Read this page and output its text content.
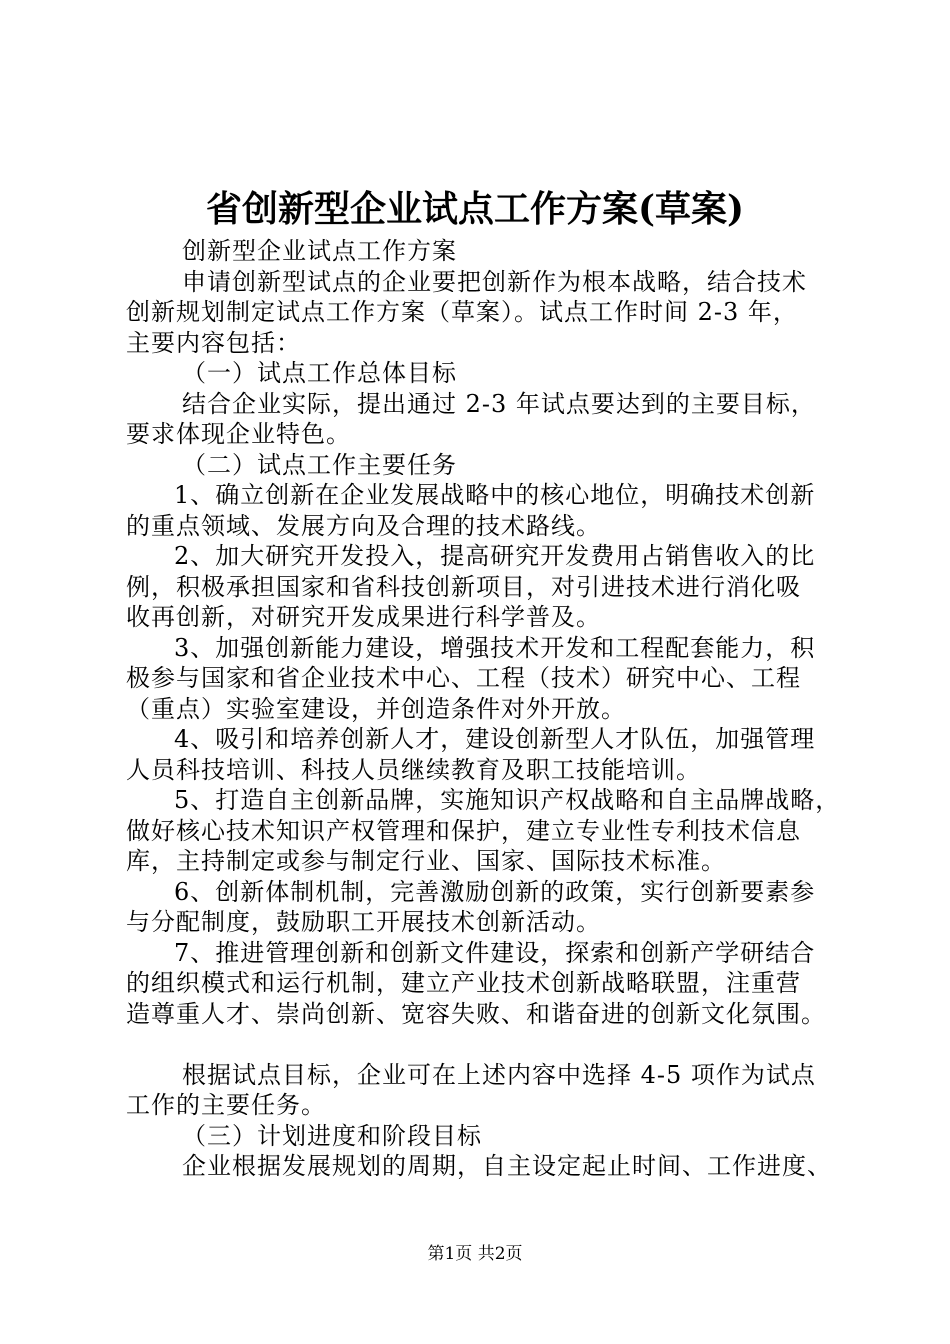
省创新型企业试点工作方案(草案)
创新型企业试点工作方案
申请创新型试点的企业要把创新作为根本战略，结合技术
创新规划制定试点工作方案（草案）。试点工作时间 2-3 年，
主要内容包括：
（一）试点工作总体目标
结合企业实际，提出通过 2-3 年试点要达到的主要目标，
要求体现企业特色。
（二）试点工作主要任务
1、确立创新在企业发展战略中的核心地位，明确技术创新
的重点领域、发展方向及合理的技术路线。
2、加大研究开发投入，提高研究开发费用占销售收入的比
例，积极承担国家和省科技创新项目，对引进技术进行消化吸
收再创新，对研究开发成果进行科学普及。
3、加强创新能力建设，增强技术开发和工程配套能力，积
极参与国家和省企业技术中心、工程（技术）研究中心、工程
（重点）实验室建设，并创造条件对外开放。
4、吸引和培养创新人才，建设创新型人才队伍，加强管理
人员科技培训、科技人员继续教育及职工技能培训。
5、打造自主创新品牌，实施知识产权战略和自主品牌战略，
做好核心技术知识产权管理和保护，建立专业性专利技术信息
库，主持制定或参与制定行业、国家、国际技术标准。
6、创新体制机制，完善激励创新的政策，实行创新要素参
与分配制度，鼓励职工开展技术创新活动。
7、推进管理创新和创新文件建设，探索和创新产学研结合
的组织模式和运行机制，建立产业技术创新战略联盟，注重营
造尊重人才、崇尚创新、宽容失败、和谐奋进的创新文化氛围。
根据试点目标，企业可在上述内容中选择 4-5 项作为试点
工作的主要任务。
（三）计划进度和阶段目标
企业根据发展规划的周期，自主设定起止时间、工作进度、
第1页 共2页
